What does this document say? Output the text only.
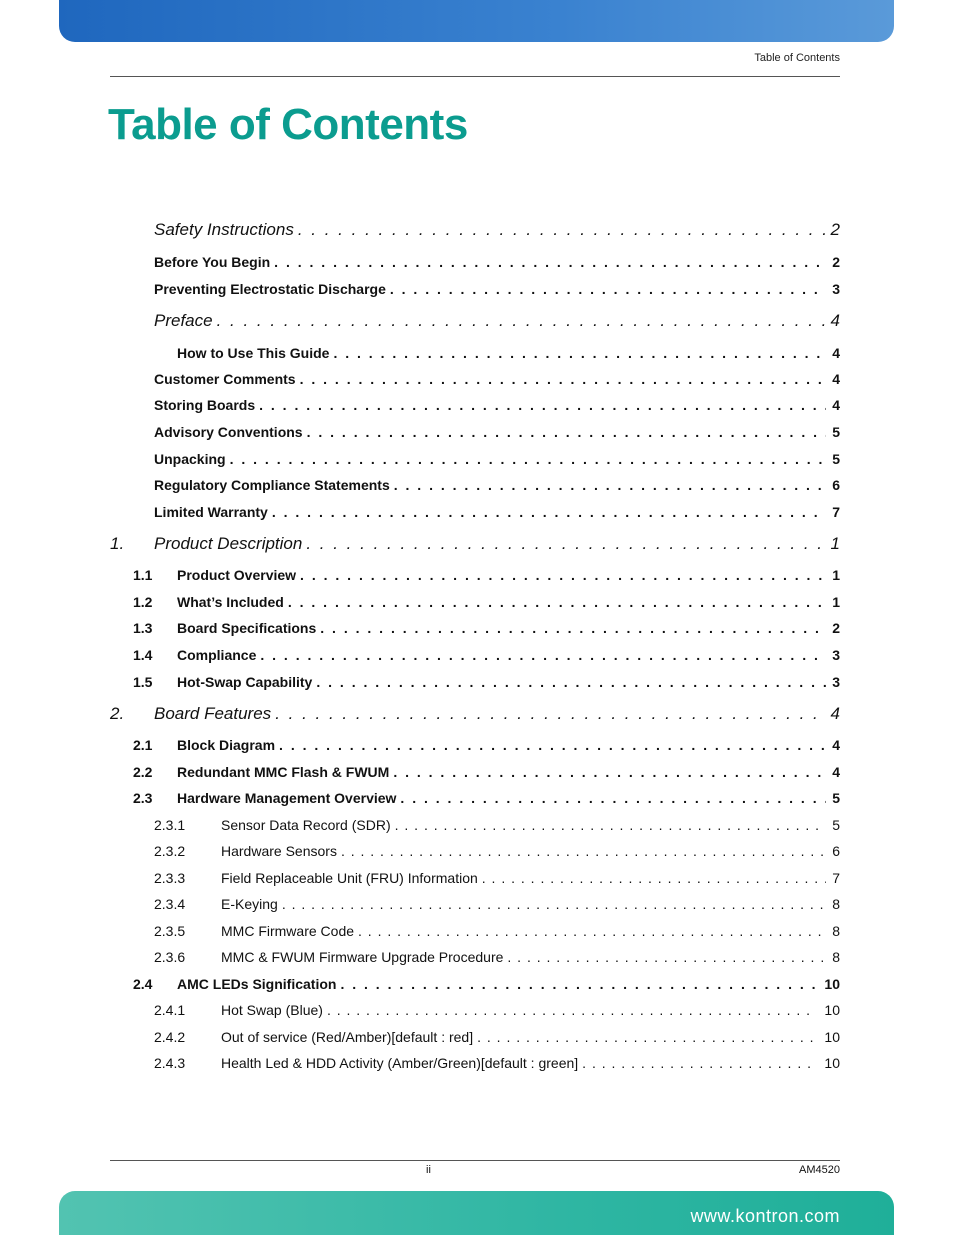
Table of Contents
Table of Contents
Safety Instructions . . .	2
Before You Begin . . .	2
Preventing Electrostatic Discharge . . .	3
Preface . . .	4
How to Use This Guide . . .	4
Customer Comments . . .	4
Storing Boards . . .	4
Advisory Conventions . . .	5
Unpacking . . .	5
Regulatory Compliance Statements . . .	6
Limited Warranty . . .	7
1. Product Description . . .	1
1.1 Product Overview . . .	1
1.2 What’s Included . . .	1
1.3 Board Specifications . . .	2
1.4 Compliance . . .	3
1.5 Hot-Swap Capability . . .	3
2. Board Features . . .	4
2.1 Block Diagram . . .	4
2.2 Redundant MMC Flash & FWUM . . .	4
2.3 Hardware Management Overview . . .	5
2.3.1	Sensor Data Record (SDR) . . .	5
2.3.2	Hardware Sensors . . .	6
2.3.3	Field Replaceable Unit (FRU) Information . . .	7
2.3.4	E-Keying . . .	8
2.3.5	MMC Firmware Code . . .	8
2.3.6	MMC & FWUM Firmware Upgrade Procedure . . .	8
2.4 AMC LEDs Signification . . .	10
2.4.1	Hot Swap (Blue) . . .	10
2.4.2	Out of service (Red/Amber)[default : red] . . .	10
2.4.3	Health Led & HDD Activity (Amber/Green)[default : green] . . .	10
ii	AM4520
www.kontron.com
